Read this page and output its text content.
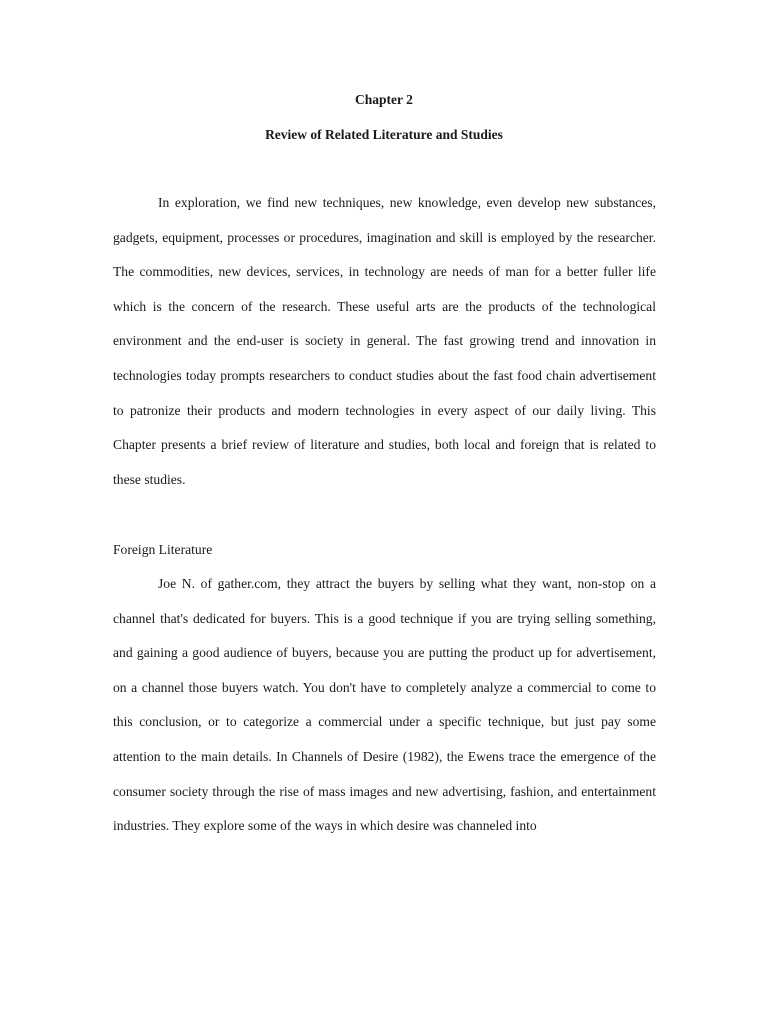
Chapter 2
Review of Related Literature and Studies

In exploration, we find new techniques, new knowledge, even develop new substances, gadgets, equipment, processes or procedures, imagination and skill is employed by the researcher. The commodities, new devices, services, in technology are needs of man for a better fuller life which is the concern of the research. These useful arts are the products of the technological environment and the end-user is society in general. The fast growing trend and innovation in technologies today prompts researchers to conduct studies about the fast food chain advertisement to patronize their products and modern technologies in every aspect of our daily living. This Chapter presents a brief review of literature and studies, both local and foreign that is related to these studies.

Foreign Literature

Joe N. of gather.com, they attract the buyers by selling what they want, non-stop on a channel that's dedicated for buyers. This is a good technique if you are trying selling something, and gaining a good audience of buyers, because you are putting the product up for advertisement, on a channel those buyers watch. You don't have to completely analyze a commercial to come to this conclusion, or to categorize a commercial under a specific technique, but just pay some attention to the main details. In Channels of Desire (1982), the Ewens trace the emergence of the consumer society through the rise of mass images and new advertising, fashion, and entertainment industries. They explore some of the ways in which desire was channeled into
